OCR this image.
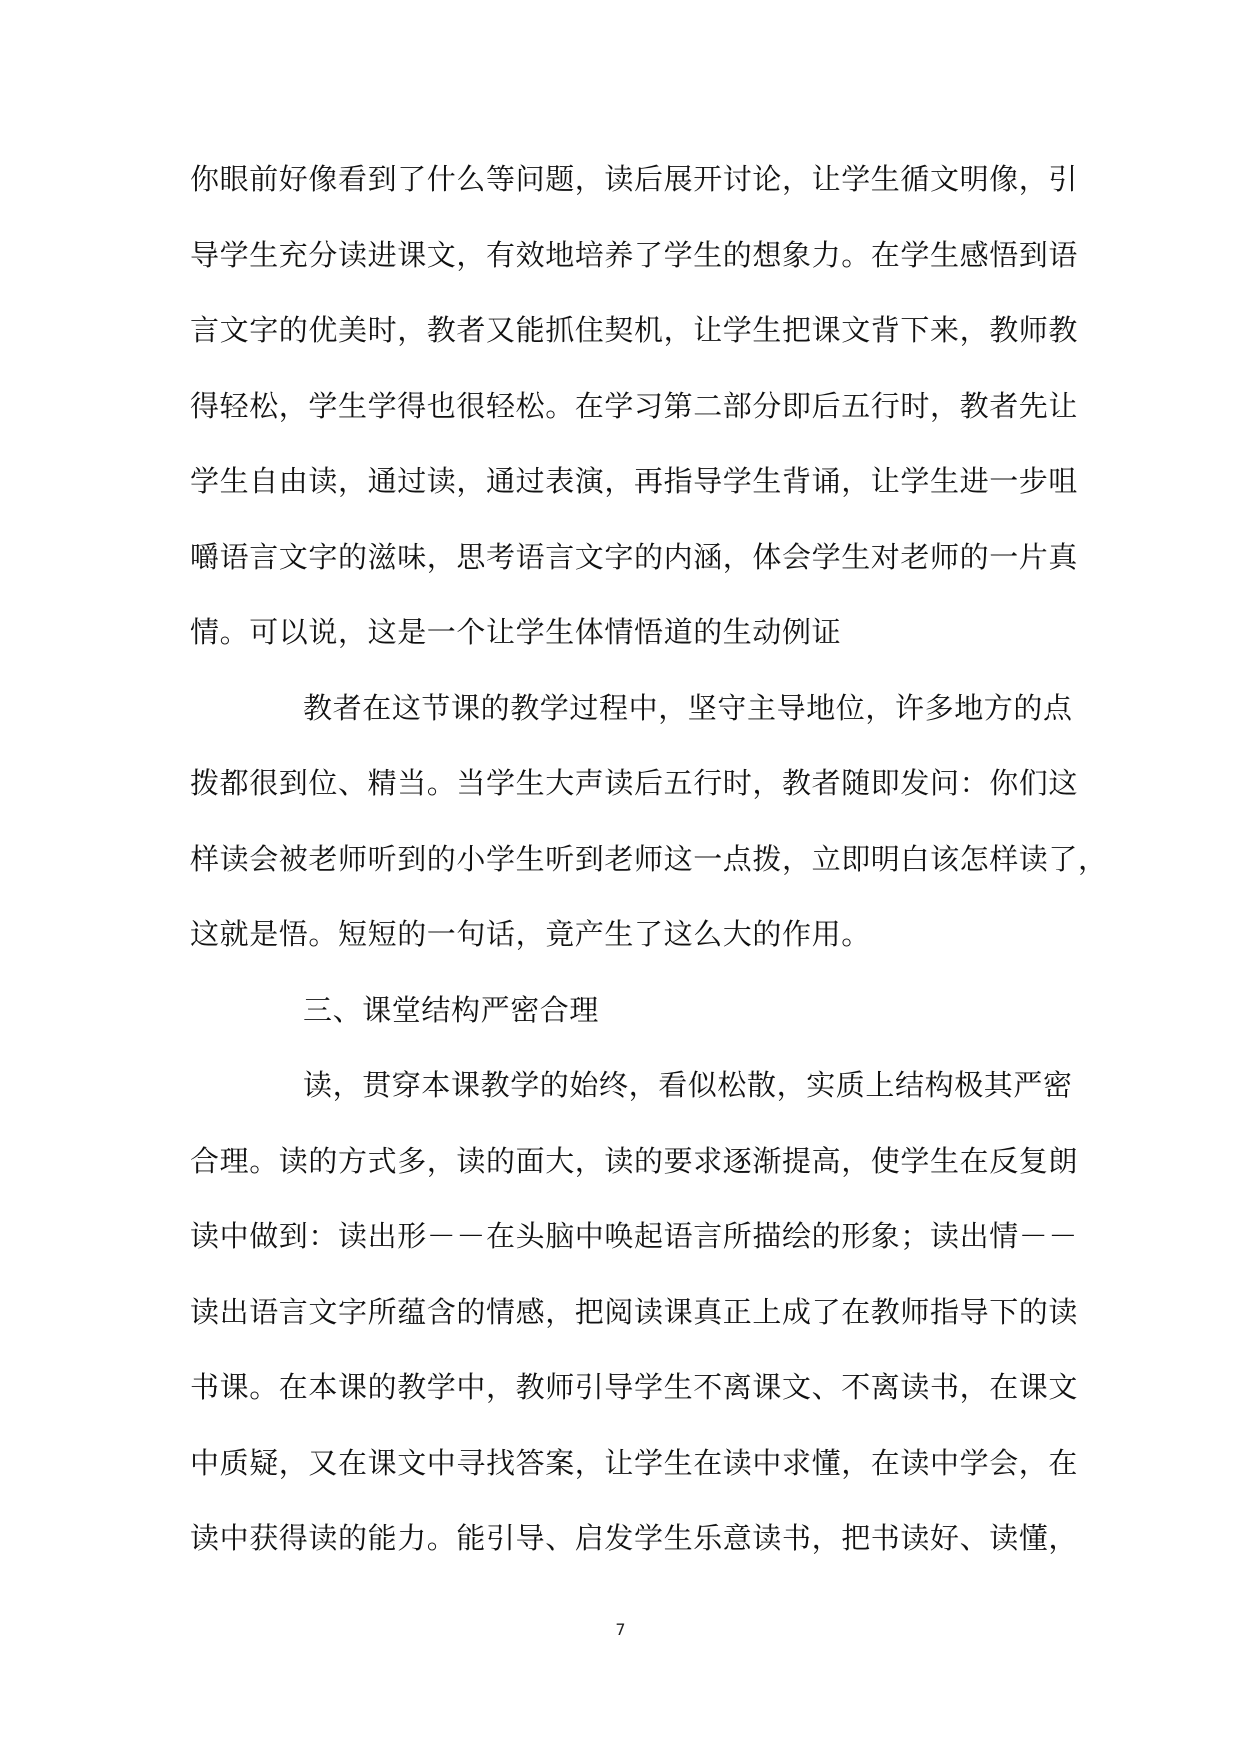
你眼前好像看到了什么等问题，读后展开讨论，让学生循文明像，引
导学生充分读进课文，有效地培养了学生的想象力。在学生感悟到语
言文字的优美时，教者又能抓住契机，让学生把课文背下来，教师教
得轻松，学生学得也很轻松。在学习第二部分即后五行时，教者先让
学生自由读，通过读，通过表演，再指导学生背诵，让学生进一步咀
嚼语言文字的滋味，思考语言文字的内涵，体会学生对老师的一片真
情。可以说，这是一个让学生体情悟道的生动例证
教者在这节课的教学过程中，坚守主导地位，许多地方的点
拨都很到位、精当。当学生大声读后五行时，教者随即发问：你们这
样读会被老师听到的小学生听到老师这一点拨，立即明白该怎样读了，
这就是悟。短短的一句话，竟产生了这么大的作用。
三、课堂结构严密合理
读，贯穿本课教学的始终，看似松散，实质上结构极其严密
合理。读的方式多，读的面大，读的要求逐渐提高，使学生在反复朗
读中做到：读出形－－在头脑中唤起语言所描绘的形象；读出情－－
读出语言文字所蕴含的情感，把阅读课真正上成了在教师指导下的读
书课。在本课的教学中，教师引导学生不离课文、不离读书，在课文
中质疑，又在课文中寻找答案，让学生在读中求懂，在读中学会，在
读中获得读的能力。能引导、启发学生乐意读书，把书读好、读懂，
7
